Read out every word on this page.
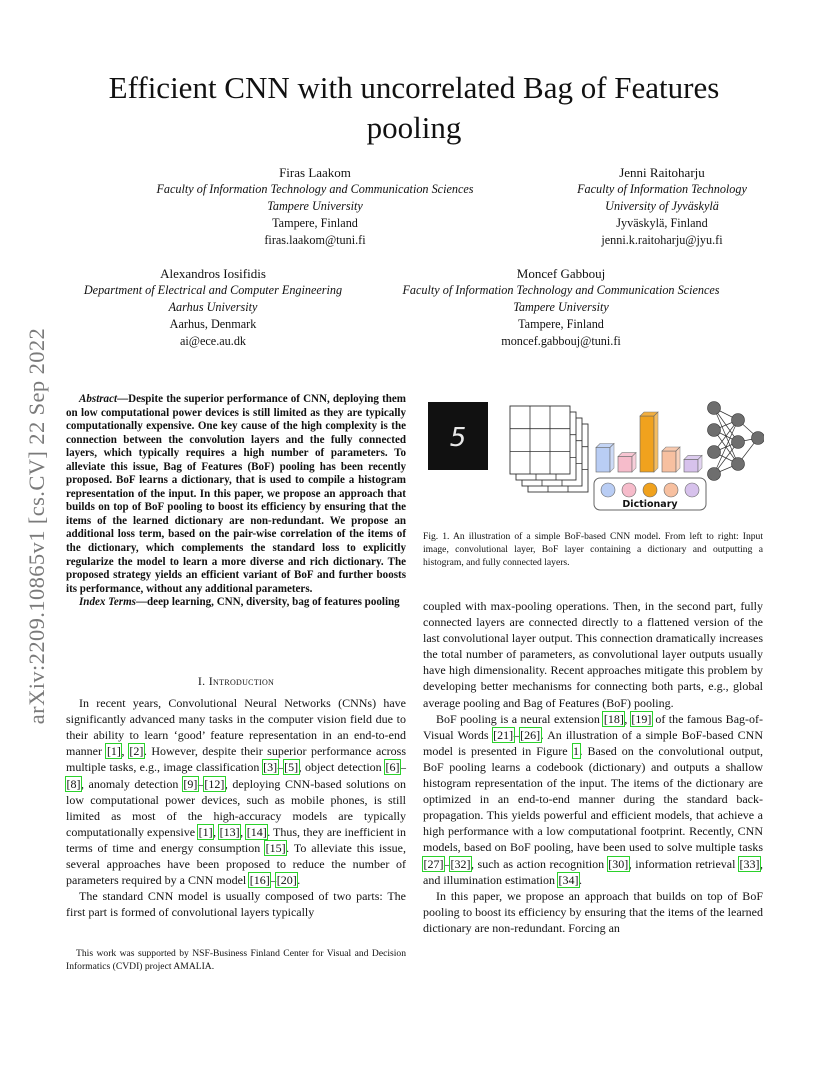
Efficient CNN with uncorrelated Bag of Features
pooling
arXiv:2209.10865v1 [cs.CV] 22 Sep 2022
Firas Laakom
Faculty of Information Technology and Communication Sciences
Tampere University
Tampere, Finland
firas.laakom@tuni.fi
Jenni Raitoharju
Faculty of Information Technology
University of Jyväskylä
Jyväskylä, Finland
jenni.k.raitoharju@jyu.fi
Alexandros Iosifidis
Department of Electrical and Computer Engineering
Aarhus University
Aarhus, Denmark
ai@ece.au.dk
Moncef Gabbouj
Faculty of Information Technology and Communication Sciences
Tampere University
Tampere, Finland
moncef.gabbouj@tuni.fi

Abstract—Despite the superior performance of CNN, deploying them on low computational power devices is still limited as they are typically computationally expensive. One key cause of the high complexity is the connection between the convolution layers and the fully connected layers, which typically requires a high number of parameters. To alleviate this issue, Bag of Features (BoF) pooling has been recently proposed. BoF learns a dictionary, that is used to compile a histogram representation of the input. In this paper, we propose an approach that builds on top of BoF pooling to boost its efficiency by ensuring that the items of the learned dictionary are non-redundant. We propose an additional loss term, based on the pair-wise correlation of the items of the dictionary, which complements the standard loss to explicitly regularize the model to learn a more diverse and rich dictionary. The proposed strategy yields an efficient variant of BoF and further boosts its performance, without any additional parameters.

Index Terms—deep learning, CNN, diversity, bag of features pooling

I. Introduction

In recent years, Convolutional Neural Networks (CNNs) have significantly advanced many tasks in the computer vision field due to their ability to learn ‘good’ feature representation in an end-to-end manner [1], [2]. However, despite their superior performance across multiple tasks, e.g., image classification [3]–[5], object detection [6]–[8], anomaly detection [9]–[12], deploying CNN-based solutions on low computational power devices, such as mobile phones, is still limited as most of the high-accuracy models are typically computationally expensive [1], [13], [14]. Thus, they are inefficient in terms of time and energy consumption [15]. To alleviate this issue, several approaches have been proposed to reduce the number of parameters required by a CNN model [16]–[20].

The standard CNN model is usually composed of two parts: The first part is formed of convolutional layers typically

This work was supported by NSF-Business Finland Center for Visual and Decision Informatics (CVDI) project AMALIA.
5
Dictionary
Fig. 1. An illustration of a simple BoF-based CNN model. From left to right: Input image, convolutional layer, BoF layer containing a dictionary and outputting a histogram, and fully connected layers.

coupled with max-pooling operations. Then, in the second part, fully connected layers are connected directly to a flattened version of the last convolutional layer output. This connection dramatically increases the total number of parameters, as convolutional layer outputs usually have high dimensionality. Recent approaches mitigate this problem by developing better mechanisms for connecting both parts, e.g., global average pooling and Bag of Features (BoF) pooling.

BoF pooling is a neural extension [18], [19] of the famous Bag-of-Visual Words [21]–[26]. An illustration of a simple BoF-based CNN model is presented in Figure 1. Based on the convolutional output, BoF pooling learns a codebook (dictionary) and outputs a shallow histogram representation of the input. The items of the dictionary are optimized in an end-to-end manner during the standard back-propagation. This yields powerful and efficient models, that achieve a high performance with a low computational footprint. Recently, CNN models, based on BoF pooling, have been used to solve multiple tasks [27]–[32], such as action recognition [30], information retrieval [33], and illumination estimation [34].

In this paper, we propose an approach that builds on top of BoF pooling to boost its efficiency by ensuring that the items of the learned dictionary are non-redundant. Forcing an
